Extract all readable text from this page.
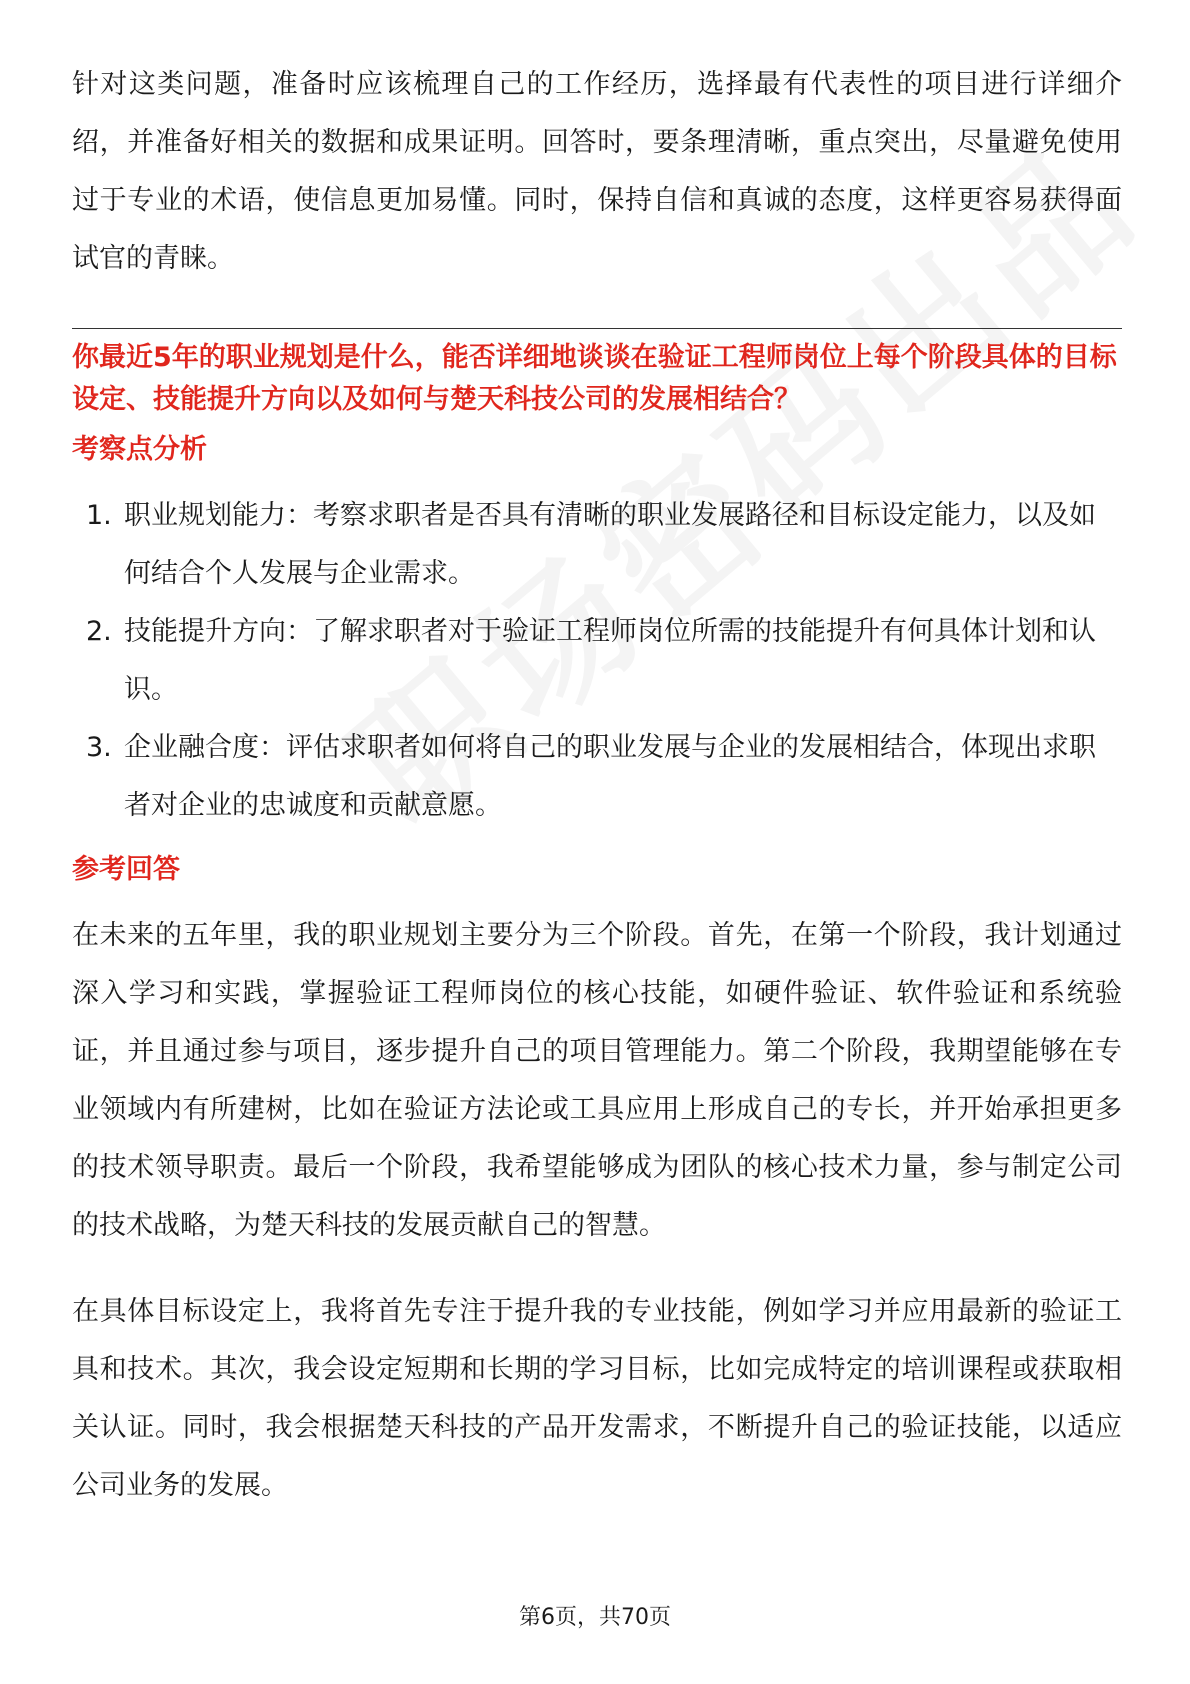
针对这类问题，准备时应该梳理自己的工作经历，选择最有代表性的项目进行详细介绍，并准备好相关的数据和成果证明。回答时，要条理清晰，重点突出，尽量避免使用过于专业的术语，使信息更加易懂。同时，保持自信和真诚的态度，这样更容易获得面试官的青睐。

你最近5年的职业规划是什么，能否详细地谈谈在验证工程师岗位上每个阶段具体的目标设定、技能提升方向以及如何与楚天科技公司的发展相结合？

考察点分析
1. 职业规划能力：考察求职者是否具有清晰的职业发展路径和目标设定能力，以及如何结合个人发展与企业需求。
2. 技能提升方向：了解求职者对于验证工程师岗位所需的技能提升有何具体计划和认识。
3. 企业融合度：评估求职者如何将自己的职业发展与企业的发展相结合，体现出求职者对企业的忠诚度和贡献意愿。
参考回答

在未来的五年里，我的职业规划主要分为三个阶段。首先，在第一个阶段，我计划通过深入学习和实践，掌握验证工程师岗位的核心技能，如硬件验证、软件验证和系统验证，并且通过参与项目，逐步提升自己的项目管理能力。第二个阶段，我期望能够在专业领域内有所建树，比如在验证方法论或工具应用上形成自己的专长，并开始承担更多的技术领导职责。最后一个阶段，我希望能够成为团队的核心技术力量，参与制定公司的技术战略，为楚天科技的发展贡献自己的智慧。

在具体目标设定上，我将首先专注于提升我的专业技能，例如学习并应用最新的验证工具和技术。其次，我会设定短期和长期的学习目标，比如完成特定的培训课程或获取相关认证。同时，我会根据楚天科技的产品开发需求，不断提升自己的验证技能，以适应公司业务的发展。

第6页，共70页
